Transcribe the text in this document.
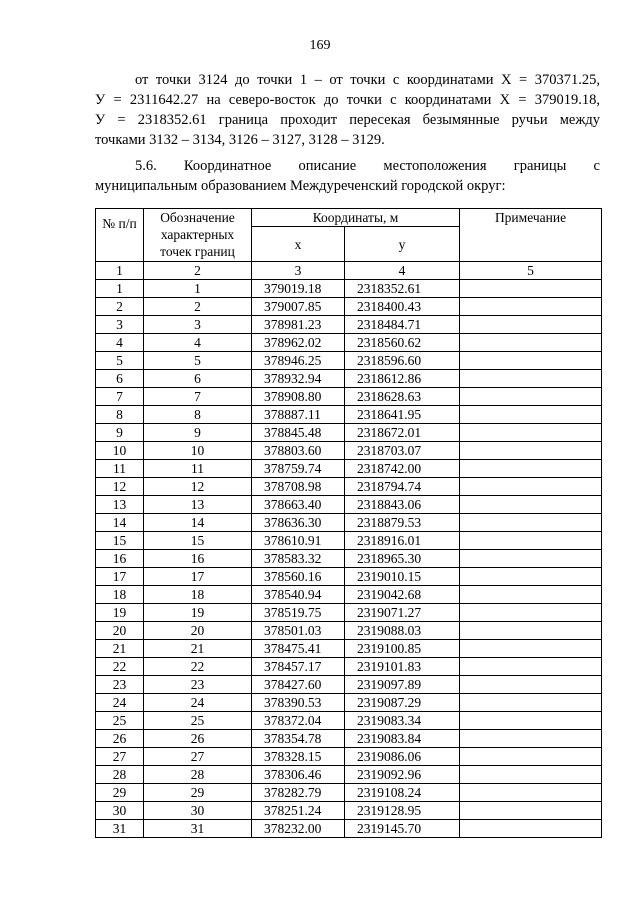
169
от точки 3124 до точки 1 – от точки с координатами X = 370371.25,
У = 2311642.27 на северо-восток до точки с координатами X = 379019.18,
У = 2318352.61 граница проходит пересекая безымянные ручьи между
точками 3132 – 3134, 3126 – 3127, 3128 – 3129.
5.6. Координатное описание местоположения границы с
муниципальным образованием Междуреченский городской округ:
№ п/п	Обозначение характерных точек границ	Координаты, м		Примечание
		x	y	
1	2	3	4	5
1	1	379019.18	2318352.61	
2	2	379007.85	2318400.43	
3	3	378981.23	2318484.71	
4	4	378962.02	2318560.62	
5	5	378946.25	2318596.60	
6	6	378932.94	2318612.86	
7	7	378908.80	2318628.63	
8	8	378887.11	2318641.95	
9	9	378845.48	2318672.01	
10	10	378803.60	2318703.07	
11	11	378759.74	2318742.00	
12	12	378708.98	2318794.74	
13	13	378663.40	2318843.06	
14	14	378636.30	2318879.53	
15	15	378610.91	2318916.01	
16	16	378583.32	2318965.30	
17	17	378560.16	2319010.15	
18	18	378540.94	2319042.68	
19	19	378519.75	2319071.27	
20	20	378501.03	2319088.03	
21	21	378475.41	2319100.85	
22	22	378457.17	2319101.83	
23	23	378427.60	2319097.89	
24	24	378390.53	2319087.29	
25	25	378372.04	2319083.34	
26	26	378354.78	2319083.84	
27	27	378328.15	2319086.06	
28	28	378306.46	2319092.96	
29	29	378282.79	2319108.24	
30	30	378251.24	2319128.95	
31	31	378232.00	2319145.70	
